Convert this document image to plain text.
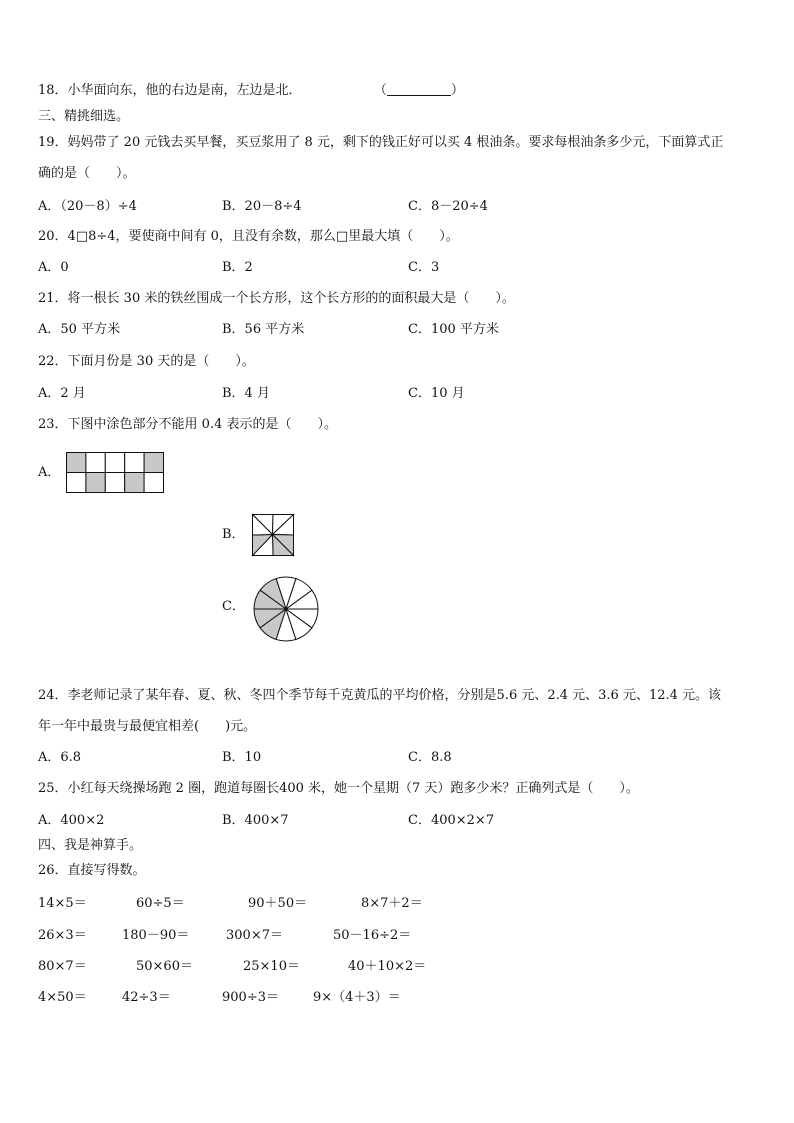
18．小华面向东，他的右边是南，左边是北．	（	）
三、精挑细选。
19．妈妈带了 20 元钱去买早餐，买豆浆用了 8 元，剩下的钱正好可以买 4 根油条。要求每根油条多少元，下面算式正
确的是（　　）。
A．（20－8）÷4	B．20－8÷4	C．8－20÷4
20．4□8÷4，要使商中间有 0，且没有余数，那么□里最大填（　　）。
A．0	B．2	C．3
21．将一根长 30 米的铁丝围成一个长方形，这个长方形的的面积最大是（　　）。
A．50 平方米	B．56 平方米	C．100 平方米
22．下面月份是 30 天的是（　　）。
A．2 月	B．4 月	C．10 月
23．下图中涂色部分不能用 0.4 表示的是（　　）。
A．
B．
C．
24．李老师记录了某年春、夏、秋、冬四个季节每千克黄瓜的平均价格，分别是5.6 元、2.4 元、3.6 元、12.4 元。该
年一年中最贵与最便宜相差(　　)元。
A．6.8	B．10	C．8.8
25．小红每天绕操场跑 2 圈，跑道每圈长400 米，她一个星期（7 天）跑多少米？正确列式是（　　）。
A．400×2	B．400×7	C．400×2×7
四、我是神算手。
26．直接写得数。
14×5＝	60÷5＝	90＋50＝	8×7＋2＝
26×3＝	180－90＝	300×7＝	50－16÷2＝
80×7＝	50×60＝	25×10＝	40＋10×2＝
4×50＝	42÷3＝	900÷3＝	9×（4＋3）＝
